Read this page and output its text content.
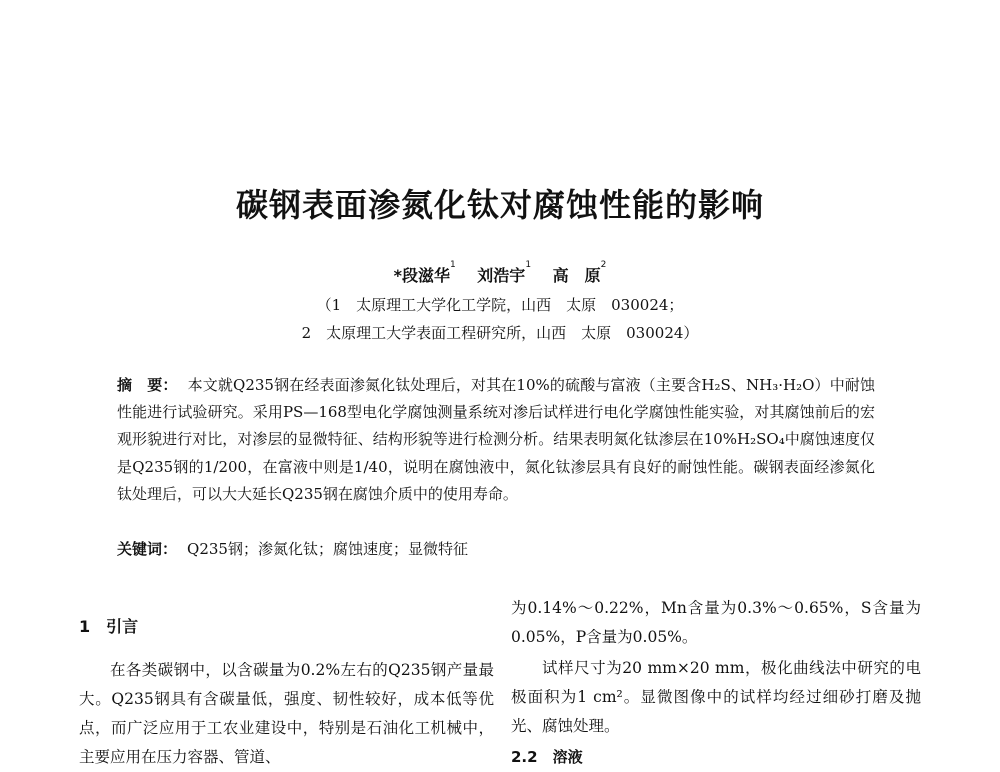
碳钢表面渗氮化钛对腐蚀性能的影响
*段滋华$^1$ 刘浩宇$^1$ 高　原$^2$
（1　太原理工大学化工学院，山西　太原　030024；
2　太原理工大学表面工程研究所，山西　太原　030024）
摘　要： 本文就Q235钢在经表面渗氮化钛处理后，对其在10%的硫酸与富液（主要含H₂S、NH₃·H₂O）中耐蚀性能进行试验研究。采用PS—168型电化学腐蚀测量系统对渗后试样进行电化学腐蚀性能实验，对其腐蚀前后的宏观形貌进行对比，对渗层的显微特征、结构形貌等进行检测分析。结果表明氮化钛渗层在10%H₂SO₄中腐蚀速度仅是Q235钢的1/200，在富液中则是1/40，说明在腐蚀液中，氮化钛渗层具有良好的耐蚀性能。碳钢表面经渗氮化钛处理后，可以大大延长Q235钢在腐蚀介质中的使用寿命。
关键词： Q235钢；渗氮化钛；腐蚀速度；显微特征
1　引言

在各类碳钢中，以含碳量为0.2%左右的Q235钢产量最大。Q235钢具有含碳量低，强度、韧性较好，成本低等优点，而广泛应用于工农业建设中，特别是石油化工机械中，主要应用在压力容器、管道、

为0.14%～0.22%，Mn含量为0.3%～0.65%，S含量为0.05%，P含量为0.05%。

试样尺寸为20 mm×20 mm，极化曲线法中研究的电极面积为1 cm²。显微图像中的试样均经过细砂打磨及抛光、腐蚀处理。

2.2　溶液
